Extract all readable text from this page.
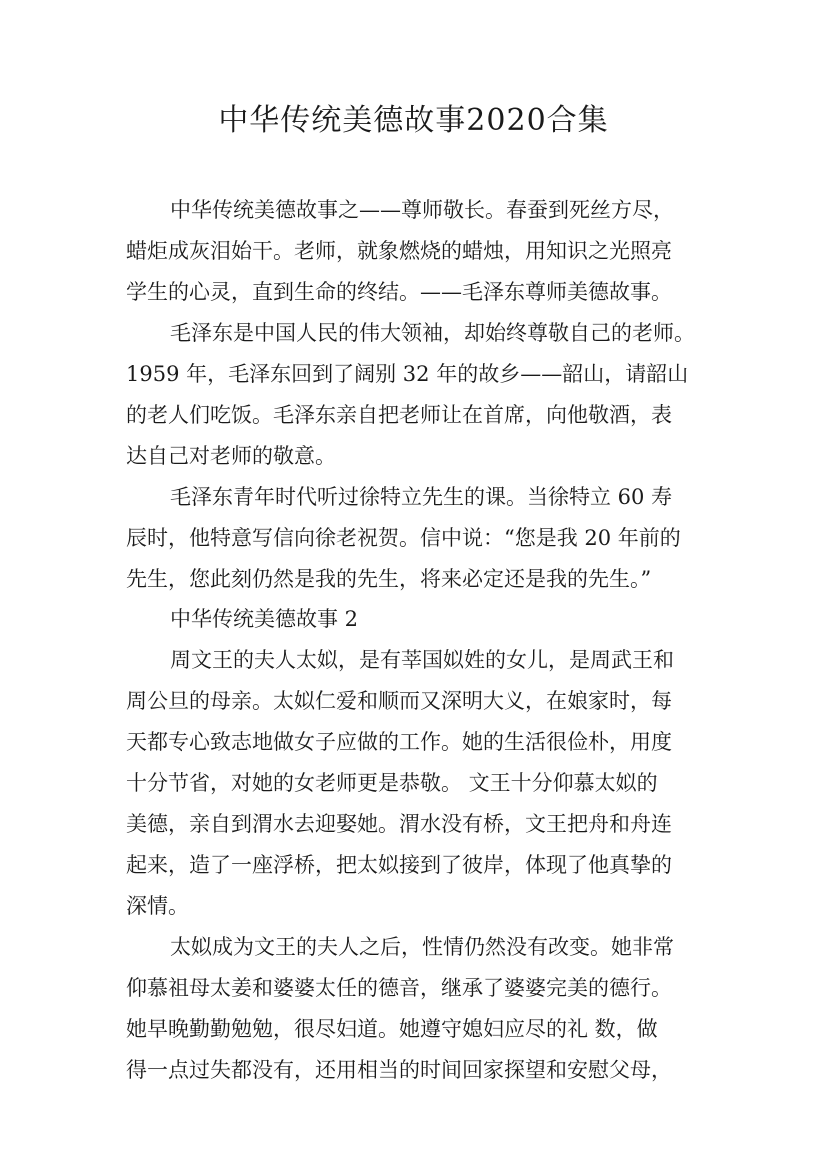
中华传统美德故事2020合集

中华传统美德故事之——尊师敬长。春蚕到死丝方尽，

蜡炬成灰泪始干。老师，就象燃烧的蜡烛，用知识之光照亮

学生的心灵，直到生命的终结。——毛泽东尊师美德故事。

毛泽东是中国人民的伟大领袖，却始终尊敬自己的老师。

1959 年，毛泽东回到了阔别 32 年的故乡——韶山，请韶山

的老人们吃饭。毛泽东亲自把老师让在首席，向他敬酒，表

达自己对老师的敬意。

毛泽东青年时代听过徐特立先生的课。当徐特立 60 寿

辰时，他特意写信向徐老祝贺。信中说：“您是我 20 年前的

先生，您此刻仍然是我的先生，将来必定还是我的先生。”

中华传统美德故事 2

周文王的夫人太姒，是有莘国姒姓的女儿，是周武王和

周公旦的母亲。太姒仁爱和顺而又深明大义，在娘家时，每

天都专心致志地做女子应做的工作。她的生活很俭朴，用度

十分节省，对她的女老师更是恭敬。 文王十分仰慕太姒的

美德，亲自到渭水去迎娶她。渭水没有桥，文王把舟和舟连

起来，造了一座浮桥，把太姒接到了彼岸，体现了他真挚的

深情。

太姒成为文王的夫人之后，性情仍然没有改变。她非常

仰慕祖母太姜和婆婆太任的德音，继承了婆婆完美的德行。

她早晚勤勤勉勉，很尽妇道。她遵守媳妇应尽的礼 数，做

得一点过失都没有，还用相当的时间回家探望和安慰父母，
